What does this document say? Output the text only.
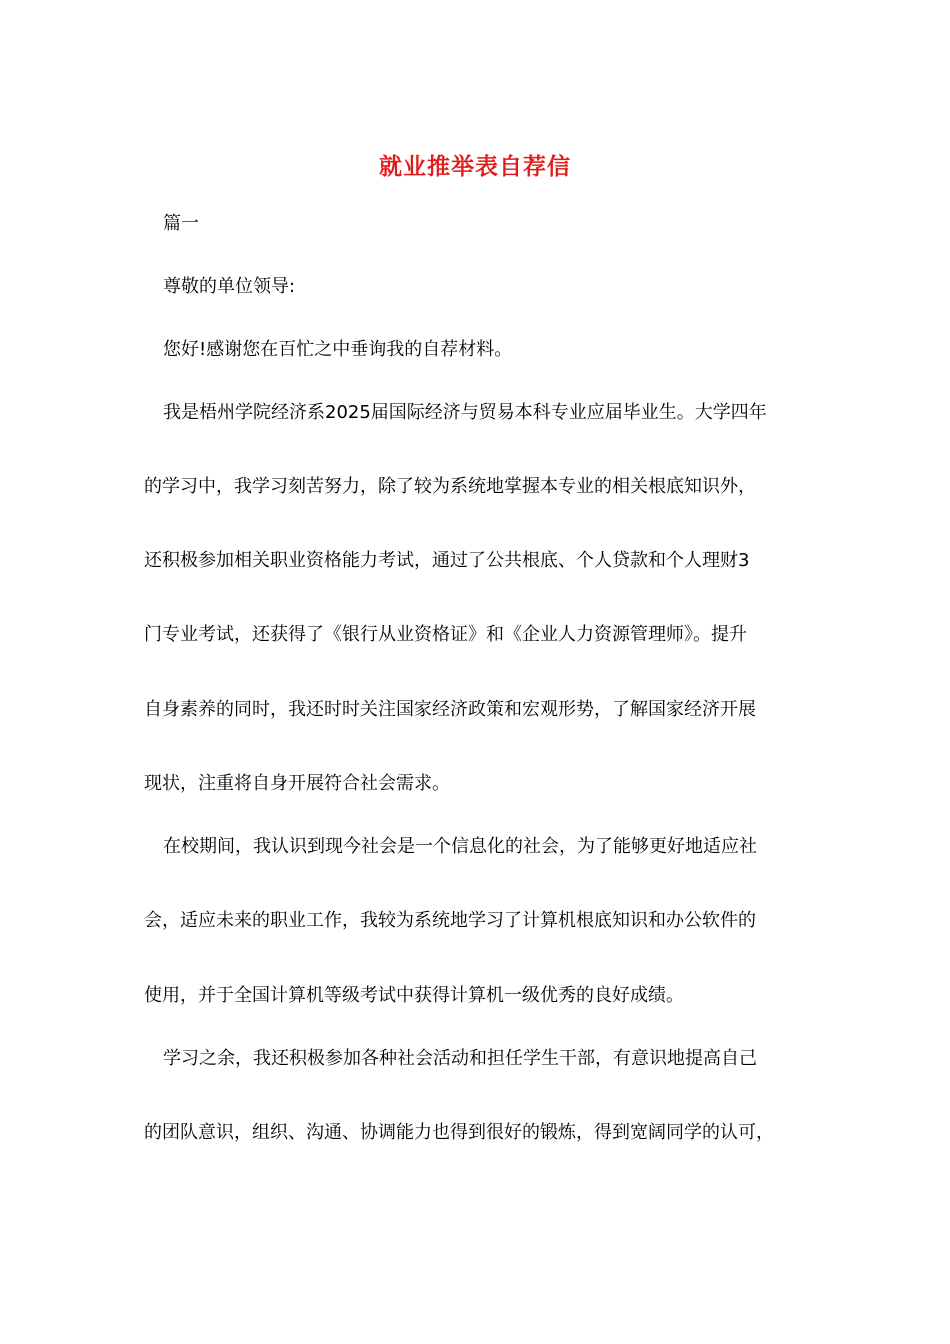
就业推举表自荐信
篇一
尊敬的单位领导:
您好!感谢您在百忙之中垂询我的自荐材料。
我是梧州学院经济系2025届国际经济与贸易本科专业应届毕业生。大学四年
的学习中，我学习刻苦努力，除了较为系统地掌握本专业的相关根底知识外，
还积极参加相关职业资格能力考试，通过了公共根底、个人贷款和个人理财3
门专业考试，还获得了《银行从业资格证》和《企业人力资源管理师》。提升
自身素养的同时，我还时时关注国家经济政策和宏观形势，了解国家经济开展
现状，注重将自身开展符合社会需求。
在校期间，我认识到现今社会是一个信息化的社会，为了能够更好地适应社
会，适应未来的职业工作，我较为系统地学习了计算机根底知识和办公软件的
使用，并于全国计算机等级考试中获得计算机一级优秀的良好成绩。
学习之余，我还积极参加各种社会活动和担任学生干部，有意识地提高自己
的团队意识，组织、沟通、协调能力也得到很好的锻炼，得到宽阔同学的认可，
